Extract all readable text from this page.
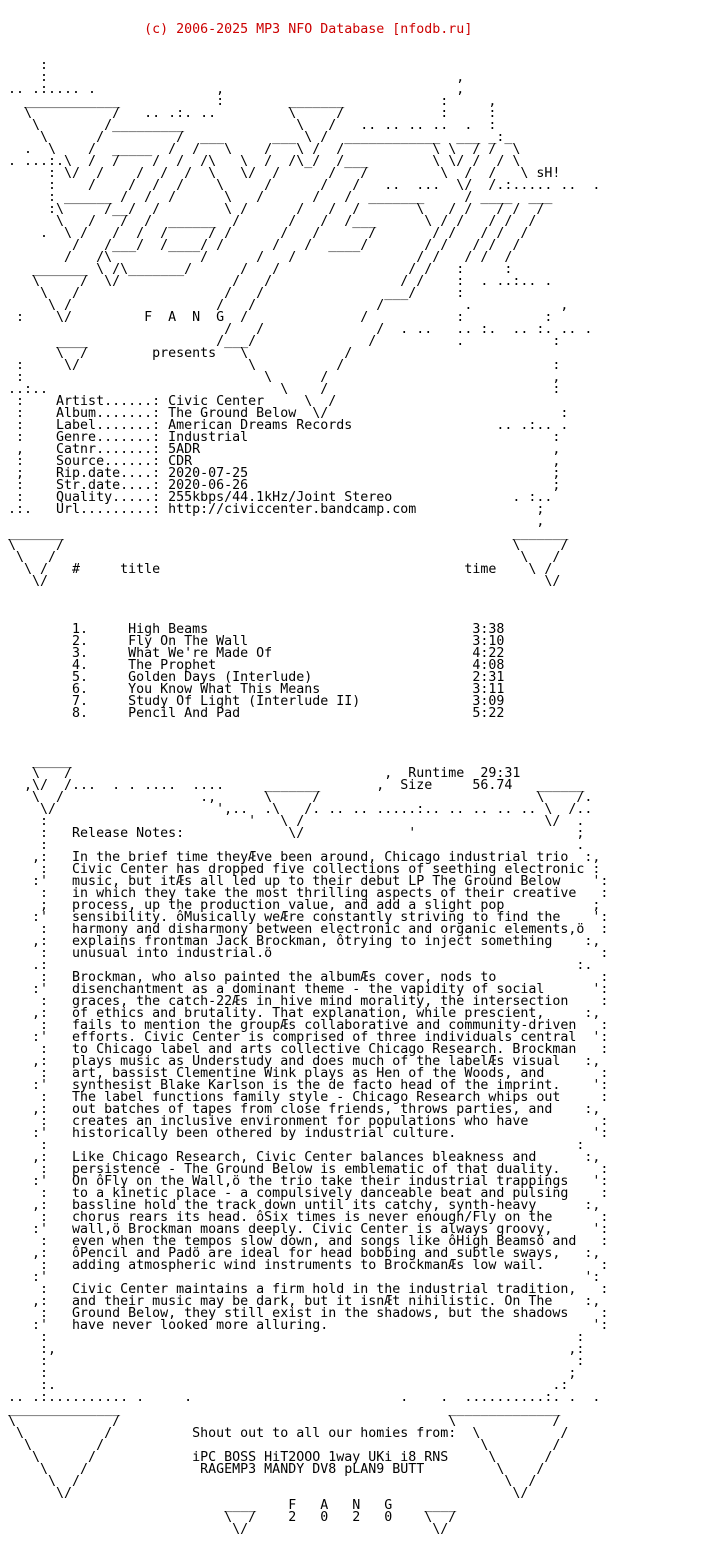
(c) 2006-2025 MP3 NFO Database [nfodb.ru]

:
:                                                   ,
.. .:.... .               ,                             ,
____________            :        _______            :     ,
\          /   .. .:. ..         \     /            :     :
\        /_________              \   /   .. .. .. ..  .  :
\      /         /  ___      ___ \ /  ____________  ___ _:_
.  \    /  _____  /  /   \    /   \ /  /           \ \  / /  \
. ...:.\  /  /    /  /  /\   \  /  /\_/  /___        \ \/ /  / \
: \/  /    /  /  /  \   \/  /      /   /         \  /  /   \ sH!
:    /    /  /  /    \     /      /   /   ..  ...  \/  /.:..... ..  .
: ______ /  /  /      \   /      /   /  _______     / ____  ___
:\     /__/  /        \ /      /   /  /       \   / /   / /  /
\   /   /  /  ______  /      /   /  /___      \ / /   / /  /
.  \ /   /  /  /     / /      /   /      /       / /   / /  /
/   /___/  /____/ /      /   /  ____/       / /   / /  /
/   /\           /      /   /               / /   / /  /
_______ \ /\_______/      /   /                / /   :     :
\     /  \/              /   /                / /    :  . ..:.. .
\   /                  /   /               ___/     :
\ /                  /   /               /          .           ,
:    \/         F  A  N  G  /              /           :          :
/   /              /  . ..   .. :.  .. :. .. .
____                /___/              /          .           :
\  /        presents   \            /
:     \/                     \          /                          :
:                              \      /                            ,
..:..                             \    /                            :
:    Artist......: Civic Center     \  /
:    Album.......: The Ground Below  \/                             :
:    Label.......: American Dreams Records                  .. .:.. .
:    Genre.......: Industrial                                      :
,    Catnr.......: 5ADR                                            ,
:    Source......: CDR                                             ,
;    Rip.date....: 2020-07-25                                      ;
:    Str.date....: 2020-06-26                                      ;
:    Quality.....: 255kbps/44.1kHz/Joint Stereo               . :..
.:.   Url.........: http://civiccenter.bandcamp.com               ;
,
_______                                                        _______
\     /                                                        \     /
\   /                                                          \   /
\ /   #     title                                      time    \ /
\/                                                              \/
1.     High Beams                                 3:38
2.     Fly On The Wall                            3:10
3.     What We're Made Of                         4:22
4.     The Prophet                                4:08
5.     Golden Days (Interlude)                    2:31
6.     You Know What This Means                   3:11
7.     Study Of Light (Interlude II)              3:09
8.     Pencil And Pad                             5:22
_____
\   /                                       ,  Runtime  29:31
,\/  /...  . . ....  ....     _______       ,  Size     56.74   ______
\  /                 .,      \     /                           \    /.
\/                    ',..  .\   /. .. .. .....:.. .. .. .. .. \  /..
:                         '   \ /                              \/  .
:   Release Notes:             \/             '                    ;
:                                                                  .
,:   In the brief time theyÆve been around, Chicago industrial trio  :,
:   Civic Center has dropped five collections of seething electronic :
:'   music, but itÆs all led up to their debut LP The Ground Below    ':
:   in which they take the most thrilling aspects of their creative   :
;   process, up the production value, and add a slight pop           ;
:'   sensibility. ôMusically weÆre constantly striving to find the    ':
:   harmony and disharmony between electronic and organic elements,ö  :
,:   explains frontman Jack Brockman, ôtrying to inject something    :,
:   unusual into industrial.ö                                         :
.:                                                                  :.
:   Brockman, who also painted the albumÆs cover, nods to             :
:'   disenchantment as a dominant theme - the vapidity of social      ':
:   graces, the catch-22Æs in hive mind morality, the intersection    :
,:   of ethics and brutality. That explanation, while prescient,     :,
:   fails to mention the groupÆs collaborative and community-driven   :
:'   efforts. Civic Center is comprised of three individuals central  ':
:   to Chicago label and arts collective Chicago Research. Brockman   :
,:   plays music as Understudy and does much of the labelÆs visual   :,
:   art, bassist Clementine Wink plays as Hen of the Woods, and       :
:'   synthesist Blake Karlson is the de facto head of the imprint.    ':
:   The label functions family style - Chicago Research whips out     :
,:   out batches of tapes from close friends, throws parties, and    :,
:   creates an inclusive environment for populations who have         :
:'   historically been othered by industrial culture.                 ':
:                                                                  :
,:   Like Chicago Research, Civic Center balances bleakness and      :,
:   persistence - The Ground Below is emblematic of that duality.     :
:'   On ôFly on the Wall,ö the trio take their industrial trappings   ':
:   to a kinetic place - a compulsively danceable beat and pulsing    :
,:   bassline hold the track down until its catchy, synth-heavy      :,
:   chorus rears its head. ôSix times is never enough/Fly on the      :
:'   wall,ö Brockman moans deeply. Civic Center is always groovy,     ':
:   even when the tempos slow down, and songs like ôHigh Beamsö and   :
,:   ôPencil and Padö are ideal for head bobbing and subtle sways,   :,
:   adding atmospheric wind instruments to BrockmanÆs low wail.       :
:'                                                                   ':
:   Civic Center maintains a firm hold in the industrial tradition,   :
,:   and their music may be dark, but it isnÆt nihilistic. On The    :,
:   Ground Below, they still exist in the shadows, but the shadows    :
:'   have never looked more alluring.                                 ':
:                                                                  :
:,                                                                ,:
:                                                                  :
:                                                                 ;
:.                                                              .:
.. .:.......... .     .                          .    .  ..........:. .  .
______________                                         ______________
\            /                                         \            /
\          /          Shout out to all our homies from:  \          /
\        /                                               \        /
\      /            iPC BOSS HiT2OOO 1way UKi i8 RNS     \      /
\    /              RAGEMP3 MANDY DV8 pLAN9 BUTT         \    /
\  /                                                     \  /
\/                                                       \/
____    F   A   N   G    ____
\  /    2   0   2   0    \  /
\/                       \/
